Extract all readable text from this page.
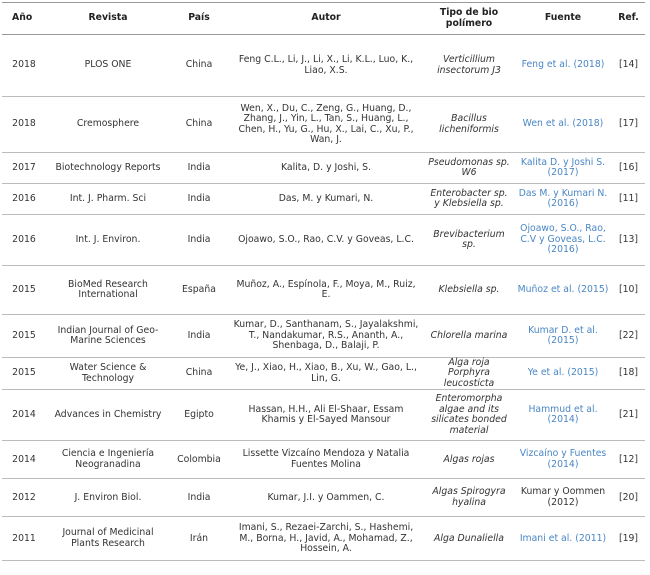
Año	Revista	País	Autor	Tipo de bio polímero	Fuente	Ref.
2018	PLOS ONE	China	Feng C.L., Li, J., Li, X., Li, K.L., Luo, K., Liao, X.S.	Verticillium insectorum J3	Feng et al. (2018)	[14]
2018	Cremosphere	China	Wen, X., Du, C., Zeng, G., Huang, D., Zhang, J., Yin, L., Tan, S., Huang, L., Chen, H., Yu, G., Hu, X., Lai, C., Xu, P., Wan, J.	Bacillus licheniformis	Wen et al. (2018)	[17]
2017	Biotechnology Reports	India	Kalita, D. y Joshi, S.	Pseudomonas sp. W6	Kalita D. y Joshi S. (2017)	[16]
2016	Int. J. Pharm. Sci	India	Das, M. y Kumari, N.	Enterobacter sp. y Klebsiella sp.	Das M. y Kumari N. (2016)	[11]
2016	Int. J. Environ.	India	Ojoawo, S.O., Rao, C.V. y Goveas, L.C.	Brevibacterium sp.	Ojoawo, S.O., Rao, C.V y Goveas, L.C. (2016)	[13]
2015	BioMed Research International	España	Muñoz, A., Espínola, F., Moya, M., Ruiz, E.	Klebsiella sp.	Muñoz et al. (2015)	[10]
2015	Indian Journal of Geo-Marine Sciences	India	Kumar, D., Santhanam, S., Jayalakshmi, T., Nandakumar, R.S., Ananth, A., Shenbaga, D., Balaji, P.	Chlorella marina	Kumar D. et al. (2015)	[22]
2015	Water Science & Technology	China	Ye, J., Xiao, H., Xiao, B., Xu, W., Gao, L., Lin, G.	Alga roja Porphyra leucosticta	Ye et al. (2015)	[18]
2014	Advances in Chemistry	Egipto	Hassan, H.H., Ali El-Shaar, Essam Khamis y El-Sayed Mansour	Enteromorpha algae and its silicates bonded material	Hammud et al. (2014)	[21]
2014	Ciencia e Ingeniería Neogranadina	Colombia	Lissette Vizcaíno Mendoza y Natalia Fuentes Molina	Algas rojas	Vizcaíno y Fuentes (2014)	[12]
2012	J. Environ Biol.	India	Kumar, J.I. y Oammen, C.	Algas Spirogyra hyalina	Kumar y Oommen (2012)	[20]
2011	Journal of Medicinal Plants Research	Irán	Imani, S., Rezaei-Zarchi, S., Hashemi, M., Borna, H., Javid, A., Mohamad, Z., Hossein, A.	Alga Dunaliella	Imani et al. (2011)	[19]
